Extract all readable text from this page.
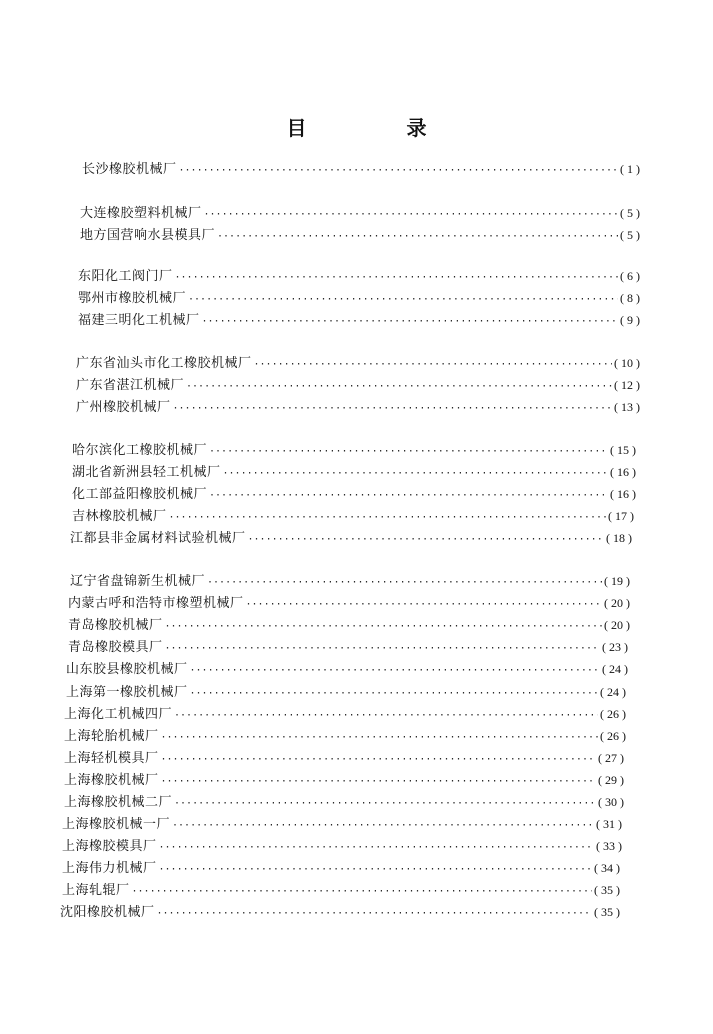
目　录
长沙橡胶机械厂 ·····	( 1 )
大连橡胶塑料机械厂 ·····	( 5 )
地方国营响水县模具厂 ·····	( 5 )
东阳化工阀门厂 ·····	( 6 )
鄂州市橡胶机械厂 ·····	( 8 )
福建三明化工机械厂 ·····	( 9 )
广东省汕头市化工橡胶机械厂 ·····	( 10 )
广东省湛江机械厂 ·····	( 12 )
广州橡胶机械厂 ·····	( 13 )
哈尔滨化工橡胶机械厂 ·····	( 15 )
湖北省新洲县轻工机械厂 ·····	( 16 )
化工部益阳橡胶机械厂 ·····	( 16 )
吉林橡胶机械厂 ·····	( 17 )
江都县非金属材料试验机械厂 ·····	( 18 )
辽宁省盘锦新生机械厂 ·····	( 19 )
内蒙古呼和浩特市橡塑机械厂 ·····	( 20 )
青岛橡胶机械厂 ·····	( 20 )
青岛橡胶模具厂 ·····	( 23 )
山东胶县橡胶机械厂 ·····	( 24 )
上海第一橡胶机械厂 ·····	( 24 )
上海化工机械四厂 ·····	( 26 )
上海轮胎机械厂 ·····	( 26 )
上海轻机模具厂 ·····	( 27 )
上海橡胶机械厂 ·····	( 29 )
上海橡胶机械二厂 ·····	( 30 )
上海橡胶机械一厂 ·····	( 31 )
上海橡胶模具厂 ·····	( 33 )
上海伟力机械厂 ·····	( 34 )
上海轧辊厂 ·····	( 35 )
沈阳橡胶机械厂 ·····	( 35 )
